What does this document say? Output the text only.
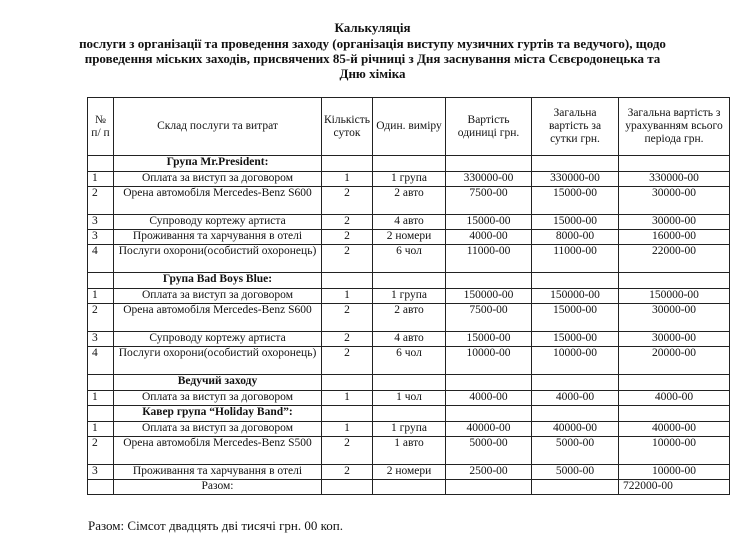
Калькуляція
послуги з організації та проведення заходу (організація виступу музичних гуртів та ведучого), щодо
проведення міських заходів, присвячених 85-й річниці з Дня заснування міста Сєвєродонецька та
Дню хіміка
№ п/ п	Склад послуги та витрат	Кількість суток	Один. виміру	Вартість одиниці грн.	Загальна вартість за сутки грн.	Загальна вартість з урахуванням всього періода грн.
	Група Mr.President:					
1	Оплата за виступ за договором	1	1 група	330000-00	330000-00	330000-00
2	Орена автомобіля Mercedes-Benz S600	2	2 авто	7500-00	15000-00	30000-00
3	Супроводу кортежу артиста	2	4 авто	15000-00	15000-00	30000-00
3	Проживання та харчування в отелі	2	2 номери	4000-00	8000-00	16000-00
4	Послуги охорони(особистий охоронець)	2	6 чол	11000-00	11000-00	22000-00
	Група Bad Boys Blue:					
1	Оплата за виступ за договором	1	1 група	150000-00	150000-00	150000-00
2	Орена автомобіля Mercedes-Benz S600	2	2 авто	7500-00	15000-00	30000-00
3	Супроводу кортежу артиста	2	4 авто	15000-00	15000-00	30000-00
4	Послуги охорони(особистий охоронець)	2	6 чол	10000-00	10000-00	20000-00
	Ведучий заходу					
1	Оплата за виступ за договором	1	1 чол	4000-00	4000-00	4000-00
	Кавер група “Holiday Band”:					
1	Оплата за виступ за договором	1	1 група	40000-00	40000-00	40000-00
2	Орена автомобіля Mercedes-Benz S500	2	1 авто	5000-00	5000-00	10000-00
3	Проживання та харчування в отелі	2	2 номери	2500-00	5000-00	10000-00
	Разом:					722000-00
Разом: Сімсот двадцять дві тисячі грн. 00 коп.
